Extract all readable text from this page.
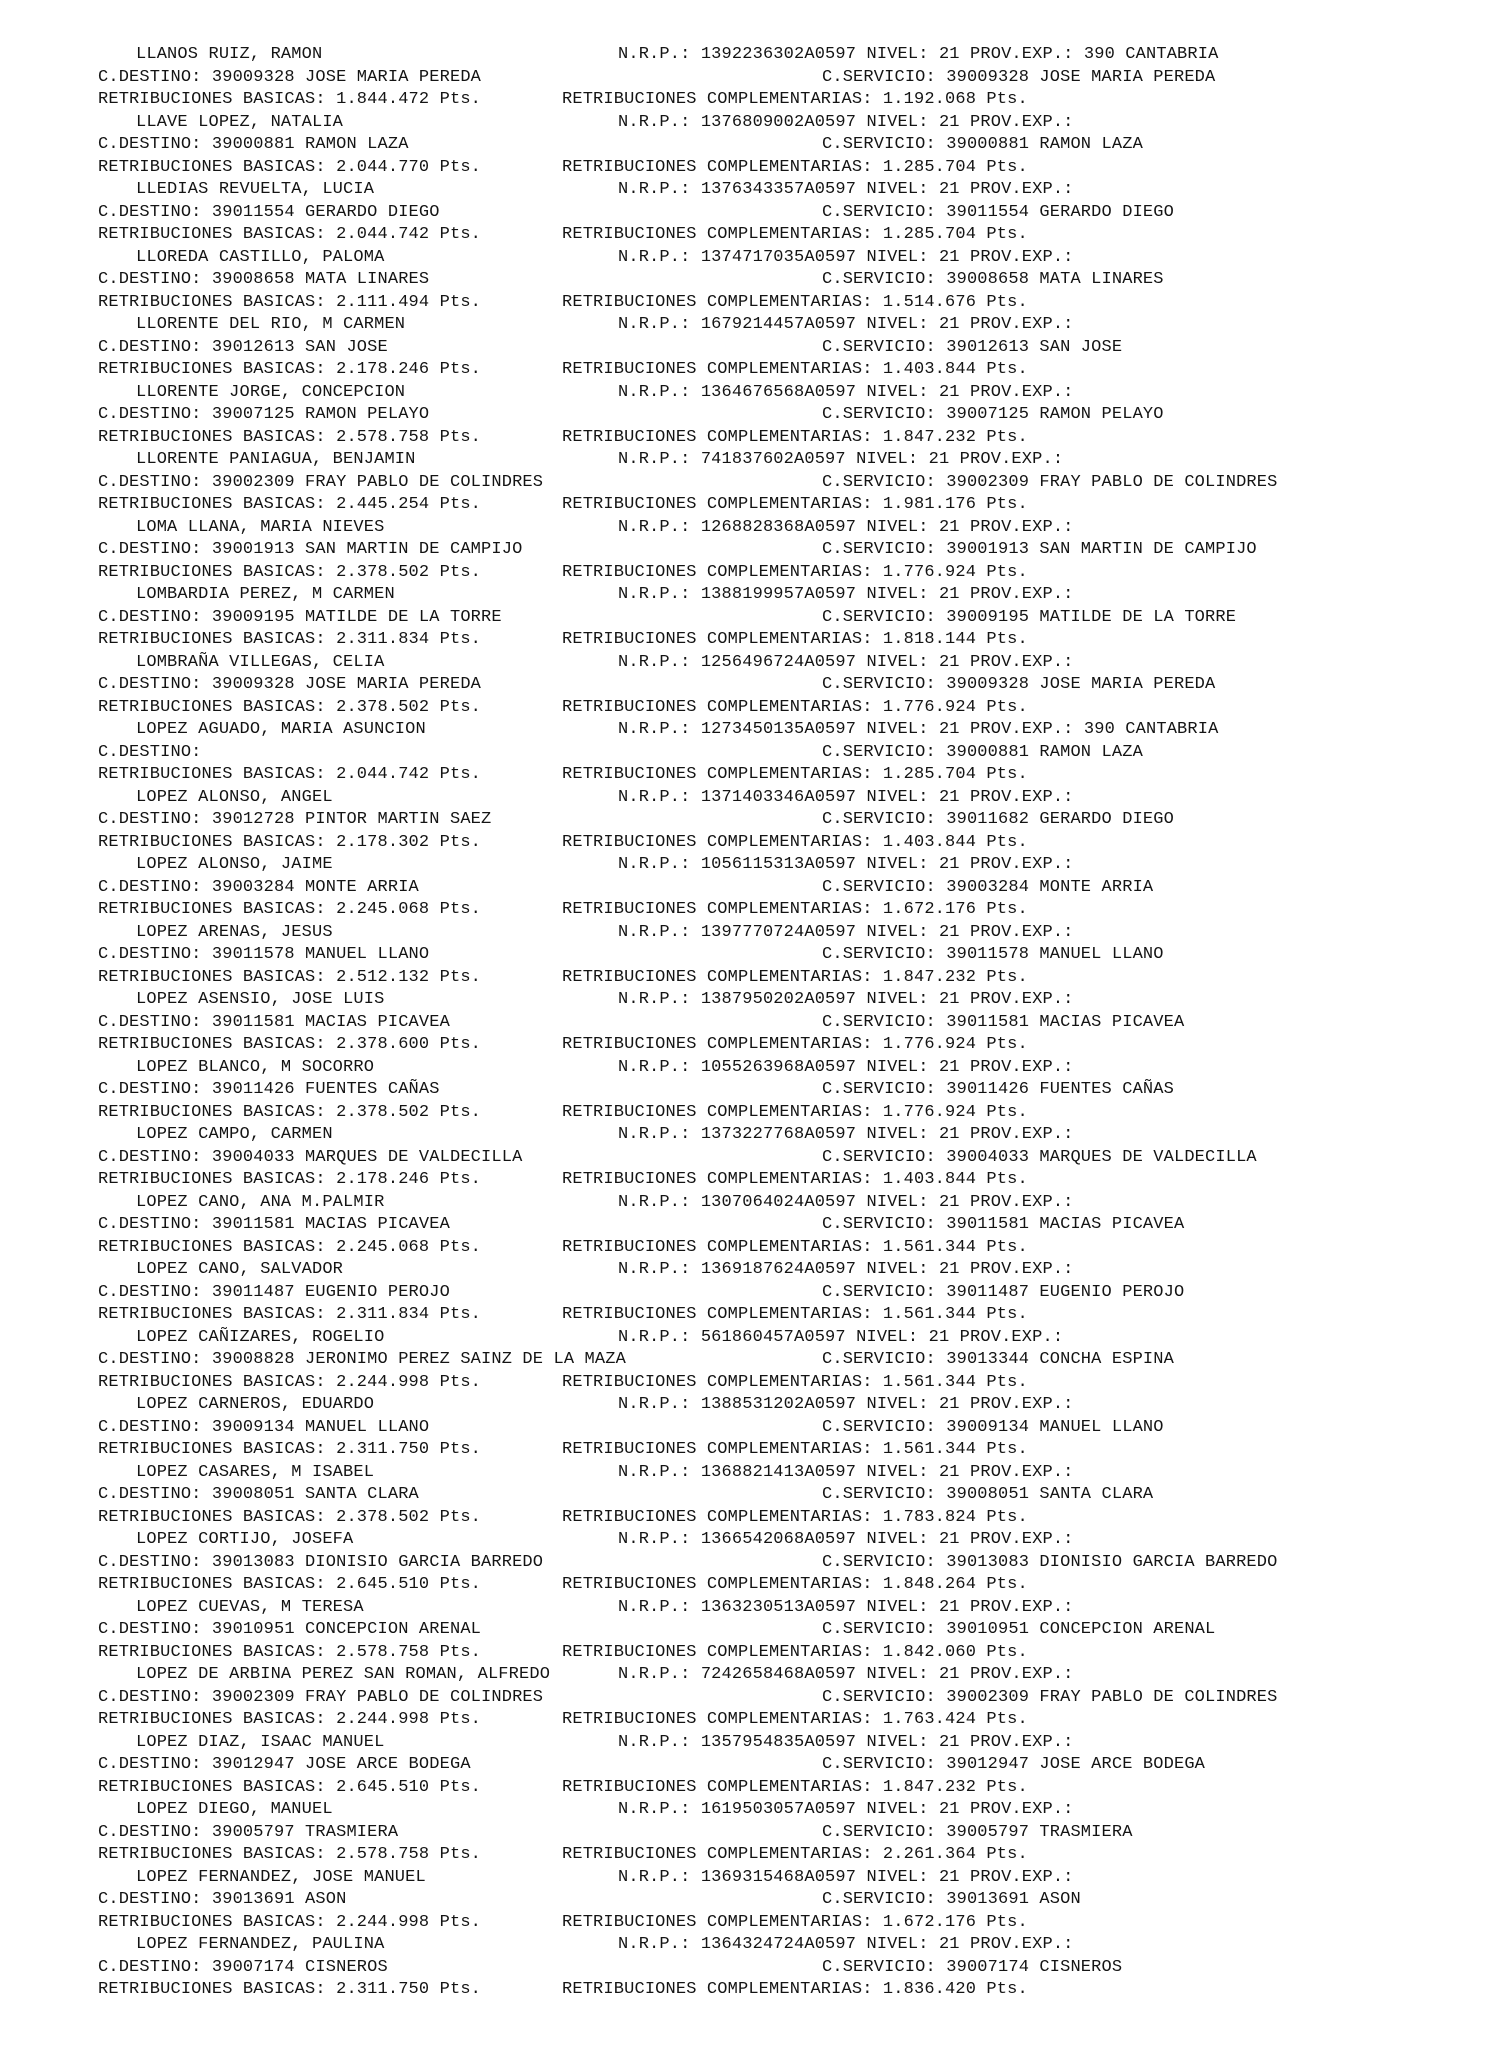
LLANOS RUIZ, RAMON

	N.R.P.: 1392236302A0597 NIVEL: 21 PROV.EXP.: 390 CANTABRIA

C.DESTINO: 39009328 JOSE MARIA PEREDA

	C.SERVICIO: 39009328 JOSE MARIA PEREDA

RETRIBUCIONES BASICAS: 1.844.472 Pts.

	RETRIBUCIONES COMPLEMENTARIAS: 1.192.068 Pts.

LLAVE LOPEZ, NATALIA

	N.R.P.: 1376809002A0597 NIVEL: 21 PROV.EXP.:

C.DESTINO: 39000881 RAMON LAZA

	C.SERVICIO: 39000881 RAMON LAZA

RETRIBUCIONES BASICAS: 2.044.770 Pts.

	RETRIBUCIONES COMPLEMENTARIAS: 1.285.704 Pts.

LLEDIAS REVUELTA, LUCIA

	N.R.P.: 1376343357A0597 NIVEL: 21 PROV.EXP.:

C.DESTINO: 39011554 GERARDO DIEGO

	C.SERVICIO: 39011554 GERARDO DIEGO

RETRIBUCIONES BASICAS: 2.044.742 Pts.

	RETRIBUCIONES COMPLEMENTARIAS: 1.285.704 Pts.

LLOREDA CASTILLO, PALOMA

	N.R.P.: 1374717035A0597 NIVEL: 21 PROV.EXP.:

C.DESTINO: 39008658 MATA LINARES

	C.SERVICIO: 39008658 MATA LINARES

RETRIBUCIONES BASICAS: 2.111.494 Pts.

	RETRIBUCIONES COMPLEMENTARIAS: 1.514.676 Pts.

LLORENTE DEL RIO, M CARMEN

	N.R.P.: 1679214457A0597 NIVEL: 21 PROV.EXP.:

C.DESTINO: 39012613 SAN JOSE

	C.SERVICIO: 39012613 SAN JOSE

RETRIBUCIONES BASICAS: 2.178.246 Pts.

	RETRIBUCIONES COMPLEMENTARIAS: 1.403.844 Pts.

LLORENTE JORGE, CONCEPCION

	N.R.P.: 1364676568A0597 NIVEL: 21 PROV.EXP.:

C.DESTINO: 39007125 RAMON PELAYO

	C.SERVICIO: 39007125 RAMON PELAYO

RETRIBUCIONES BASICAS: 2.578.758 Pts.

	RETRIBUCIONES COMPLEMENTARIAS: 1.847.232 Pts.

LLORENTE PANIAGUA, BENJAMIN

	N.R.P.: 741837602A0597 NIVEL: 21 PROV.EXP.:

C.DESTINO: 39002309 FRAY PABLO DE COLINDRES

	C.SERVICIO: 39002309 FRAY PABLO DE COLINDRES

RETRIBUCIONES BASICAS: 2.445.254 Pts.

	RETRIBUCIONES COMPLEMENTARIAS: 1.981.176 Pts.

LOMA LLANA, MARIA NIEVES

	N.R.P.: 1268828368A0597 NIVEL: 21 PROV.EXP.:

C.DESTINO: 39001913 SAN MARTIN DE CAMPIJO

	C.SERVICIO: 39001913 SAN MARTIN DE CAMPIJO

RETRIBUCIONES BASICAS: 2.378.502 Pts.

	RETRIBUCIONES COMPLEMENTARIAS: 1.776.924 Pts.

LOMBARDIA PEREZ, M CARMEN

	N.R.P.: 1388199957A0597 NIVEL: 21 PROV.EXP.:

C.DESTINO: 39009195 MATILDE DE LA TORRE

	C.SERVICIO: 39009195 MATILDE DE LA TORRE

RETRIBUCIONES BASICAS: 2.311.834 Pts.

	RETRIBUCIONES COMPLEMENTARIAS: 1.818.144 Pts.

LOMBRAÑA VILLEGAS, CELIA

	N.R.P.: 1256496724A0597 NIVEL: 21 PROV.EXP.:

C.DESTINO: 39009328 JOSE MARIA PEREDA

	C.SERVICIO: 39009328 JOSE MARIA PEREDA

RETRIBUCIONES BASICAS: 2.378.502 Pts.

	RETRIBUCIONES COMPLEMENTARIAS: 1.776.924 Pts.

LOPEZ AGUADO, MARIA ASUNCION

	N.R.P.: 1273450135A0597 NIVEL: 21 PROV.EXP.: 390 CANTABRIA

C.DESTINO:

	C.SERVICIO: 39000881 RAMON LAZA

RETRIBUCIONES BASICAS: 2.044.742 Pts.

	RETRIBUCIONES COMPLEMENTARIAS: 1.285.704 Pts.

LOPEZ ALONSO, ANGEL

	N.R.P.: 1371403346A0597 NIVEL: 21 PROV.EXP.:

C.DESTINO: 39012728 PINTOR MARTIN SAEZ

	C.SERVICIO: 39011682 GERARDO DIEGO

RETRIBUCIONES BASICAS: 2.178.302 Pts.

	RETRIBUCIONES COMPLEMENTARIAS: 1.403.844 Pts.

LOPEZ ALONSO, JAIME

	N.R.P.: 1056115313A0597 NIVEL: 21 PROV.EXP.:

C.DESTINO: 39003284 MONTE ARRIA

	C.SERVICIO: 39003284 MONTE ARRIA

RETRIBUCIONES BASICAS: 2.245.068 Pts.

	RETRIBUCIONES COMPLEMENTARIAS: 1.672.176 Pts.

LOPEZ ARENAS, JESUS

	N.R.P.: 1397770724A0597 NIVEL: 21 PROV.EXP.:

C.DESTINO: 39011578 MANUEL LLANO

	C.SERVICIO: 39011578 MANUEL LLANO

RETRIBUCIONES BASICAS: 2.512.132 Pts.

	RETRIBUCIONES COMPLEMENTARIAS: 1.847.232 Pts.

LOPEZ ASENSIO, JOSE LUIS

	N.R.P.: 1387950202A0597 NIVEL: 21 PROV.EXP.:

C.DESTINO: 39011581 MACIAS PICAVEA

	C.SERVICIO: 39011581 MACIAS PICAVEA

RETRIBUCIONES BASICAS: 2.378.600 Pts.

	RETRIBUCIONES COMPLEMENTARIAS: 1.776.924 Pts.

LOPEZ BLANCO, M SOCORRO

	N.R.P.: 1055263968A0597 NIVEL: 21 PROV.EXP.:

C.DESTINO: 39011426 FUENTES CAÑAS

	C.SERVICIO: 39011426 FUENTES CAÑAS

RETRIBUCIONES BASICAS: 2.378.502 Pts.

	RETRIBUCIONES COMPLEMENTARIAS: 1.776.924 Pts.

LOPEZ CAMPO, CARMEN

	N.R.P.: 1373227768A0597 NIVEL: 21 PROV.EXP.:

C.DESTINO: 39004033 MARQUES DE VALDECILLA

	C.SERVICIO: 39004033 MARQUES DE VALDECILLA

RETRIBUCIONES BASICAS: 2.178.246 Pts.

	RETRIBUCIONES COMPLEMENTARIAS: 1.403.844 Pts.

LOPEZ CANO, ANA M.PALMIR

	N.R.P.: 1307064024A0597 NIVEL: 21 PROV.EXP.:

C.DESTINO: 39011581 MACIAS PICAVEA

	C.SERVICIO: 39011581 MACIAS PICAVEA

RETRIBUCIONES BASICAS: 2.245.068 Pts.

	RETRIBUCIONES COMPLEMENTARIAS: 1.561.344 Pts.

LOPEZ CANO, SALVADOR

	N.R.P.: 1369187624A0597 NIVEL: 21 PROV.EXP.:

C.DESTINO: 39011487 EUGENIO PEROJO

	C.SERVICIO: 39011487 EUGENIO PEROJO

RETRIBUCIONES BASICAS: 2.311.834 Pts.

	RETRIBUCIONES COMPLEMENTARIAS: 1.561.344 Pts.

LOPEZ CAÑIZARES, ROGELIO

	N.R.P.: 561860457A0597 NIVEL: 21 PROV.EXP.:

C.DESTINO: 39008828 JERONIMO PEREZ SAINZ DE LA MAZA

	C.SERVICIO: 39013344 CONCHA ESPINA

RETRIBUCIONES BASICAS: 2.244.998 Pts.

	RETRIBUCIONES COMPLEMENTARIAS: 1.561.344 Pts.

LOPEZ CARNEROS, EDUARDO

	N.R.P.: 1388531202A0597 NIVEL: 21 PROV.EXP.:

C.DESTINO: 39009134 MANUEL LLANO

	C.SERVICIO: 39009134 MANUEL LLANO

RETRIBUCIONES BASICAS: 2.311.750 Pts.

	RETRIBUCIONES COMPLEMENTARIAS: 1.561.344 Pts.

LOPEZ CASARES, M ISABEL

	N.R.P.: 1368821413A0597 NIVEL: 21 PROV.EXP.:

C.DESTINO: 39008051 SANTA CLARA

	C.SERVICIO: 39008051 SANTA CLARA

RETRIBUCIONES BASICAS: 2.378.502 Pts.

	RETRIBUCIONES COMPLEMENTARIAS: 1.783.824 Pts.

LOPEZ CORTIJO, JOSEFA

	N.R.P.: 1366542068A0597 NIVEL: 21 PROV.EXP.:

C.DESTINO: 39013083 DIONISIO GARCIA BARREDO

	C.SERVICIO: 39013083 DIONISIO GARCIA BARREDO

RETRIBUCIONES BASICAS: 2.645.510 Pts.

	RETRIBUCIONES COMPLEMENTARIAS: 1.848.264 Pts.

LOPEZ CUEVAS, M TERESA

	N.R.P.: 1363230513A0597 NIVEL: 21 PROV.EXP.:

C.DESTINO: 39010951 CONCEPCION ARENAL

	C.SERVICIO: 39010951 CONCEPCION ARENAL

RETRIBUCIONES BASICAS: 2.578.758 Pts.

	RETRIBUCIONES COMPLEMENTARIAS: 1.842.060 Pts.

LOPEZ DE ARBINA PEREZ SAN ROMAN, ALFREDO

	N.R.P.: 7242658468A0597 NIVEL: 21 PROV.EXP.:

C.DESTINO: 39002309 FRAY PABLO DE COLINDRES

	C.SERVICIO: 39002309 FRAY PABLO DE COLINDRES

RETRIBUCIONES BASICAS: 2.244.998 Pts.

	RETRIBUCIONES COMPLEMENTARIAS: 1.763.424 Pts.

LOPEZ DIAZ, ISAAC MANUEL

	N.R.P.: 1357954835A0597 NIVEL: 21 PROV.EXP.:

C.DESTINO: 39012947 JOSE ARCE BODEGA

	C.SERVICIO: 39012947 JOSE ARCE BODEGA

RETRIBUCIONES BASICAS: 2.645.510 Pts.

	RETRIBUCIONES COMPLEMENTARIAS: 1.847.232 Pts.

LOPEZ DIEGO, MANUEL

	N.R.P.: 1619503057A0597 NIVEL: 21 PROV.EXP.:

C.DESTINO: 39005797 TRASMIERA

	C.SERVICIO: 39005797 TRASMIERA

RETRIBUCIONES BASICAS: 2.578.758 Pts.

	RETRIBUCIONES COMPLEMENTARIAS: 2.261.364 Pts.

LOPEZ FERNANDEZ, JOSE MANUEL

	N.R.P.: 1369315468A0597 NIVEL: 21 PROV.EXP.:

C.DESTINO: 39013691 ASON

	C.SERVICIO: 39013691 ASON

RETRIBUCIONES BASICAS: 2.244.998 Pts.

	RETRIBUCIONES COMPLEMENTARIAS: 1.672.176 Pts.

LOPEZ FERNANDEZ, PAULINA

	N.R.P.: 1364324724A0597 NIVEL: 21 PROV.EXP.:

C.DESTINO: 39007174 CISNEROS

	C.SERVICIO: 39007174 CISNEROS

RETRIBUCIONES BASICAS: 2.311.750 Pts.

	RETRIBUCIONES COMPLEMENTARIAS: 1.836.420 Pts.
